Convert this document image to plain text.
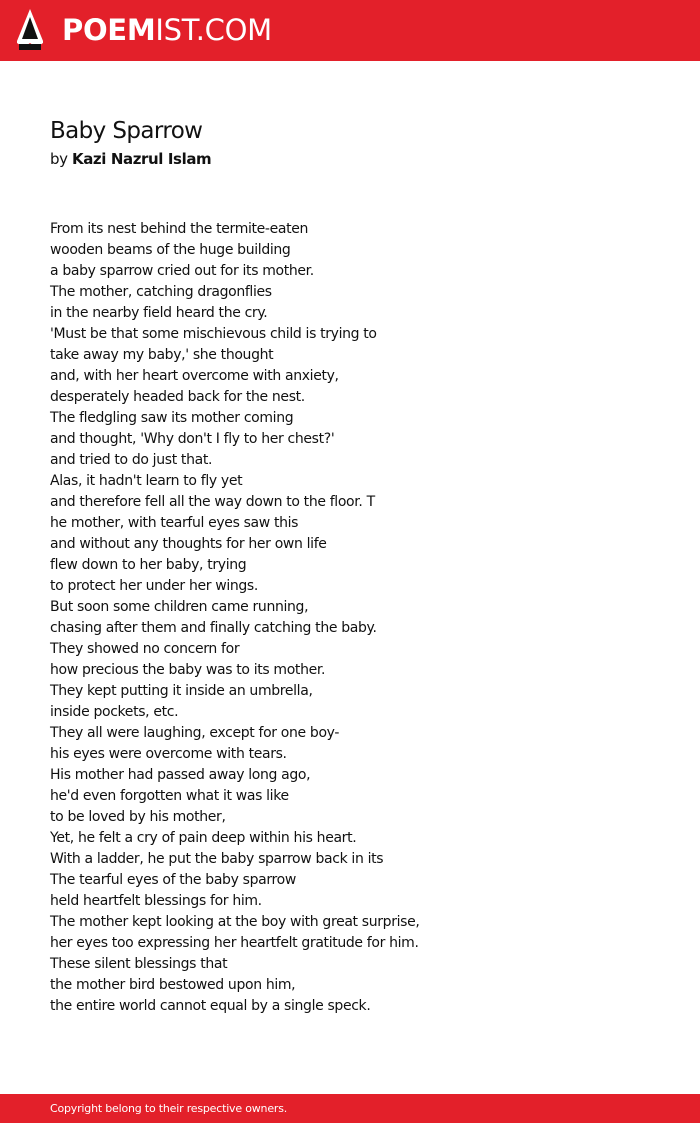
POEMIST.COM
Baby Sparrow
by Kazi Nazrul Islam
From its nest behind the termite-eaten
wooden beams of the huge building
a baby sparrow cried out for its mother.
The mother, catching dragonflies
in the nearby field heard the cry.
'Must be that some mischievous child is trying to
take away my baby,' she thought
and, with her heart overcome with anxiety,
desperately headed back for the nest.
The fledgling saw its mother coming
and thought, 'Why don't I fly to her chest?'
and tried to do just that.
Alas, it hadn't learn to fly yet
and therefore fell all the way down to the floor. T
he mother, with tearful eyes saw this
and without any thoughts for her own life
flew down to her baby, trying
to protect her under her wings.
But soon some children came running,
chasing after them and finally catching the baby.
They showed no concern for
how precious the baby was to its mother.
They kept putting it inside an umbrella,
inside pockets, etc.
They all were laughing, except for one boy-
his eyes were overcome with tears.
His mother had passed away long ago,
he'd even forgotten what it was like
to be loved by his mother,
Yet, he felt a cry of pain deep within his heart.
With a ladder, he put the baby sparrow back in its
The tearful eyes of the baby sparrow
held heartfelt blessings for him.
The mother kept looking at the boy with great surprise,
her eyes too expressing her heartfelt gratitude for him.
These silent blessings that
the mother bird bestowed upon him,
the entire world cannot equal by a single speck.
Copyright belong to their respective owners.
